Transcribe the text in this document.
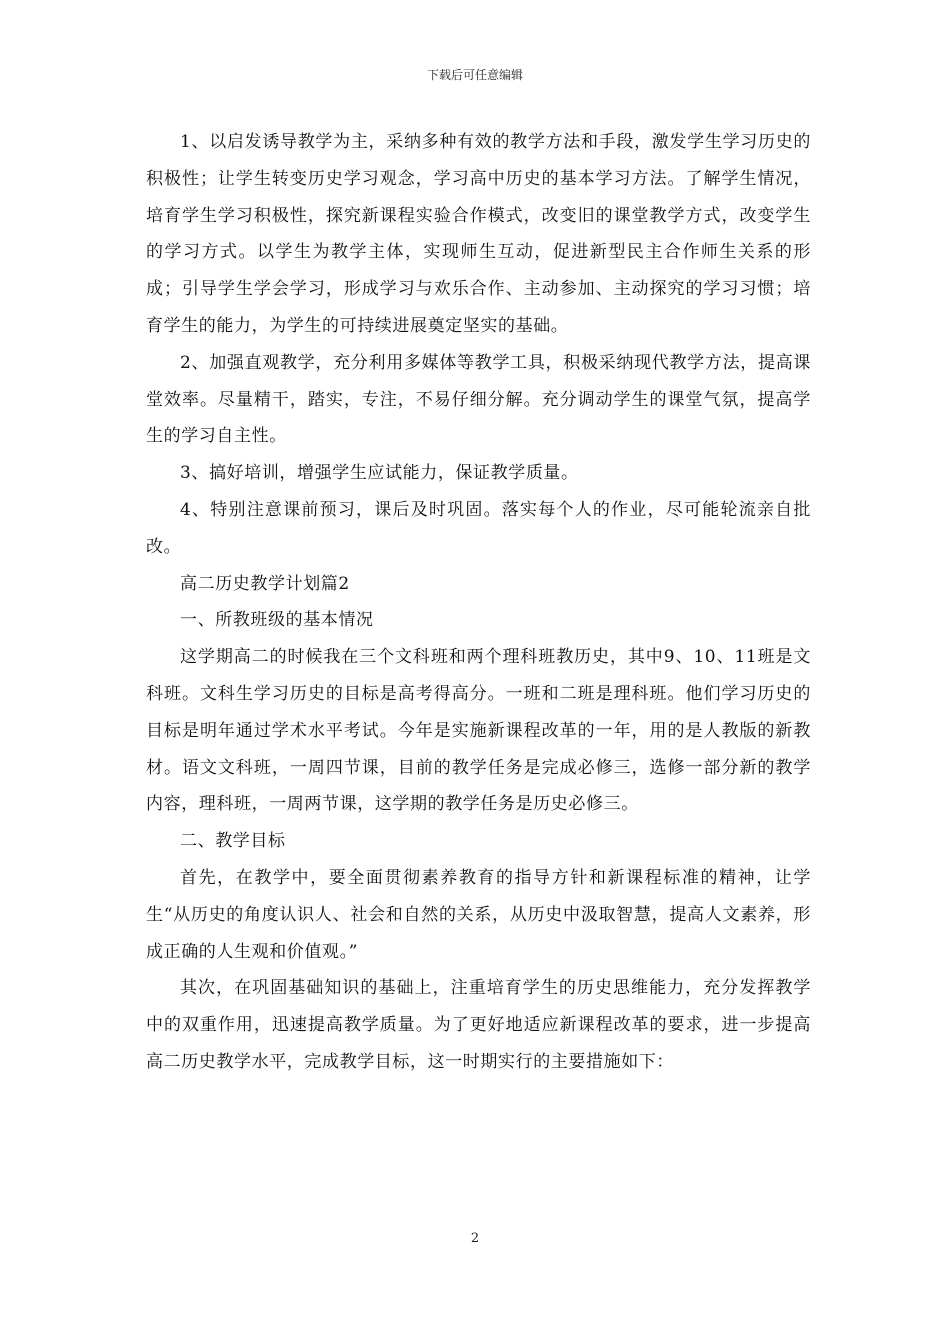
下载后可任意编辑

1、以启发诱导教学为主，采纳多种有效的教学方法和手段，激发学生学习历史的积极性；让学生转变历史学习观念，学习高中历史的基本学习方法。了解学生情况，培育学生学习积极性，探究新课程实验合作模式，改变旧的课堂教学方式，改变学生的学习方式。以学生为教学主体，实现师生互动，促进新型民主合作师生关系的形成；引导学生学会学习，形成学习与欢乐合作、主动参加、主动探究的学习习惯；培育学生的能力，为学生的可持续进展奠定坚实的基础。

2、加强直观教学，充分利用多媒体等教学工具，积极采纳现代教学方法，提高课堂效率。尽量精干，踏实，专注，不易仔细分解。充分调动学生的课堂气氛，提高学生的学习自主性。

3、搞好培训，增强学生应试能力，保证教学质量。

4、特别注意课前预习，课后及时巩固。落实每个人的作业，尽可能轮流亲自批改。

高二历史教学计划篇2

一、所教班级的基本情况

这学期高二的时候我在三个文科班和两个理科班教历史，其中9、10、11班是文科班。文科生学习历史的目标是高考得高分。一班和二班是理科班。他们学习历史的目标是明年通过学术水平考试。今年是实施新课程改革的一年，用的是人教版的新教材。语文文科班，一周四节课，目前的教学任务是完成必修三，选修一部分新的教学内容，理科班，一周两节课，这学期的教学任务是历史必修三。

二、教学目标

首先，在教学中，要全面贯彻素养教育的指导方针和新课程标准的精神，让学生“从历史的角度认识人、社会和自然的关系，从历史中汲取智慧，提高人文素养，形成正确的人生观和价值观。”

其次，在巩固基础知识的基础上，注重培育学生的历史思维能力，充分发挥教学中的双重作用，迅速提高教学质量。为了更好地适应新课程改革的要求，进一步提高高二历史教学水平，完成教学目标，这一时期实行的主要措施如下：

2
